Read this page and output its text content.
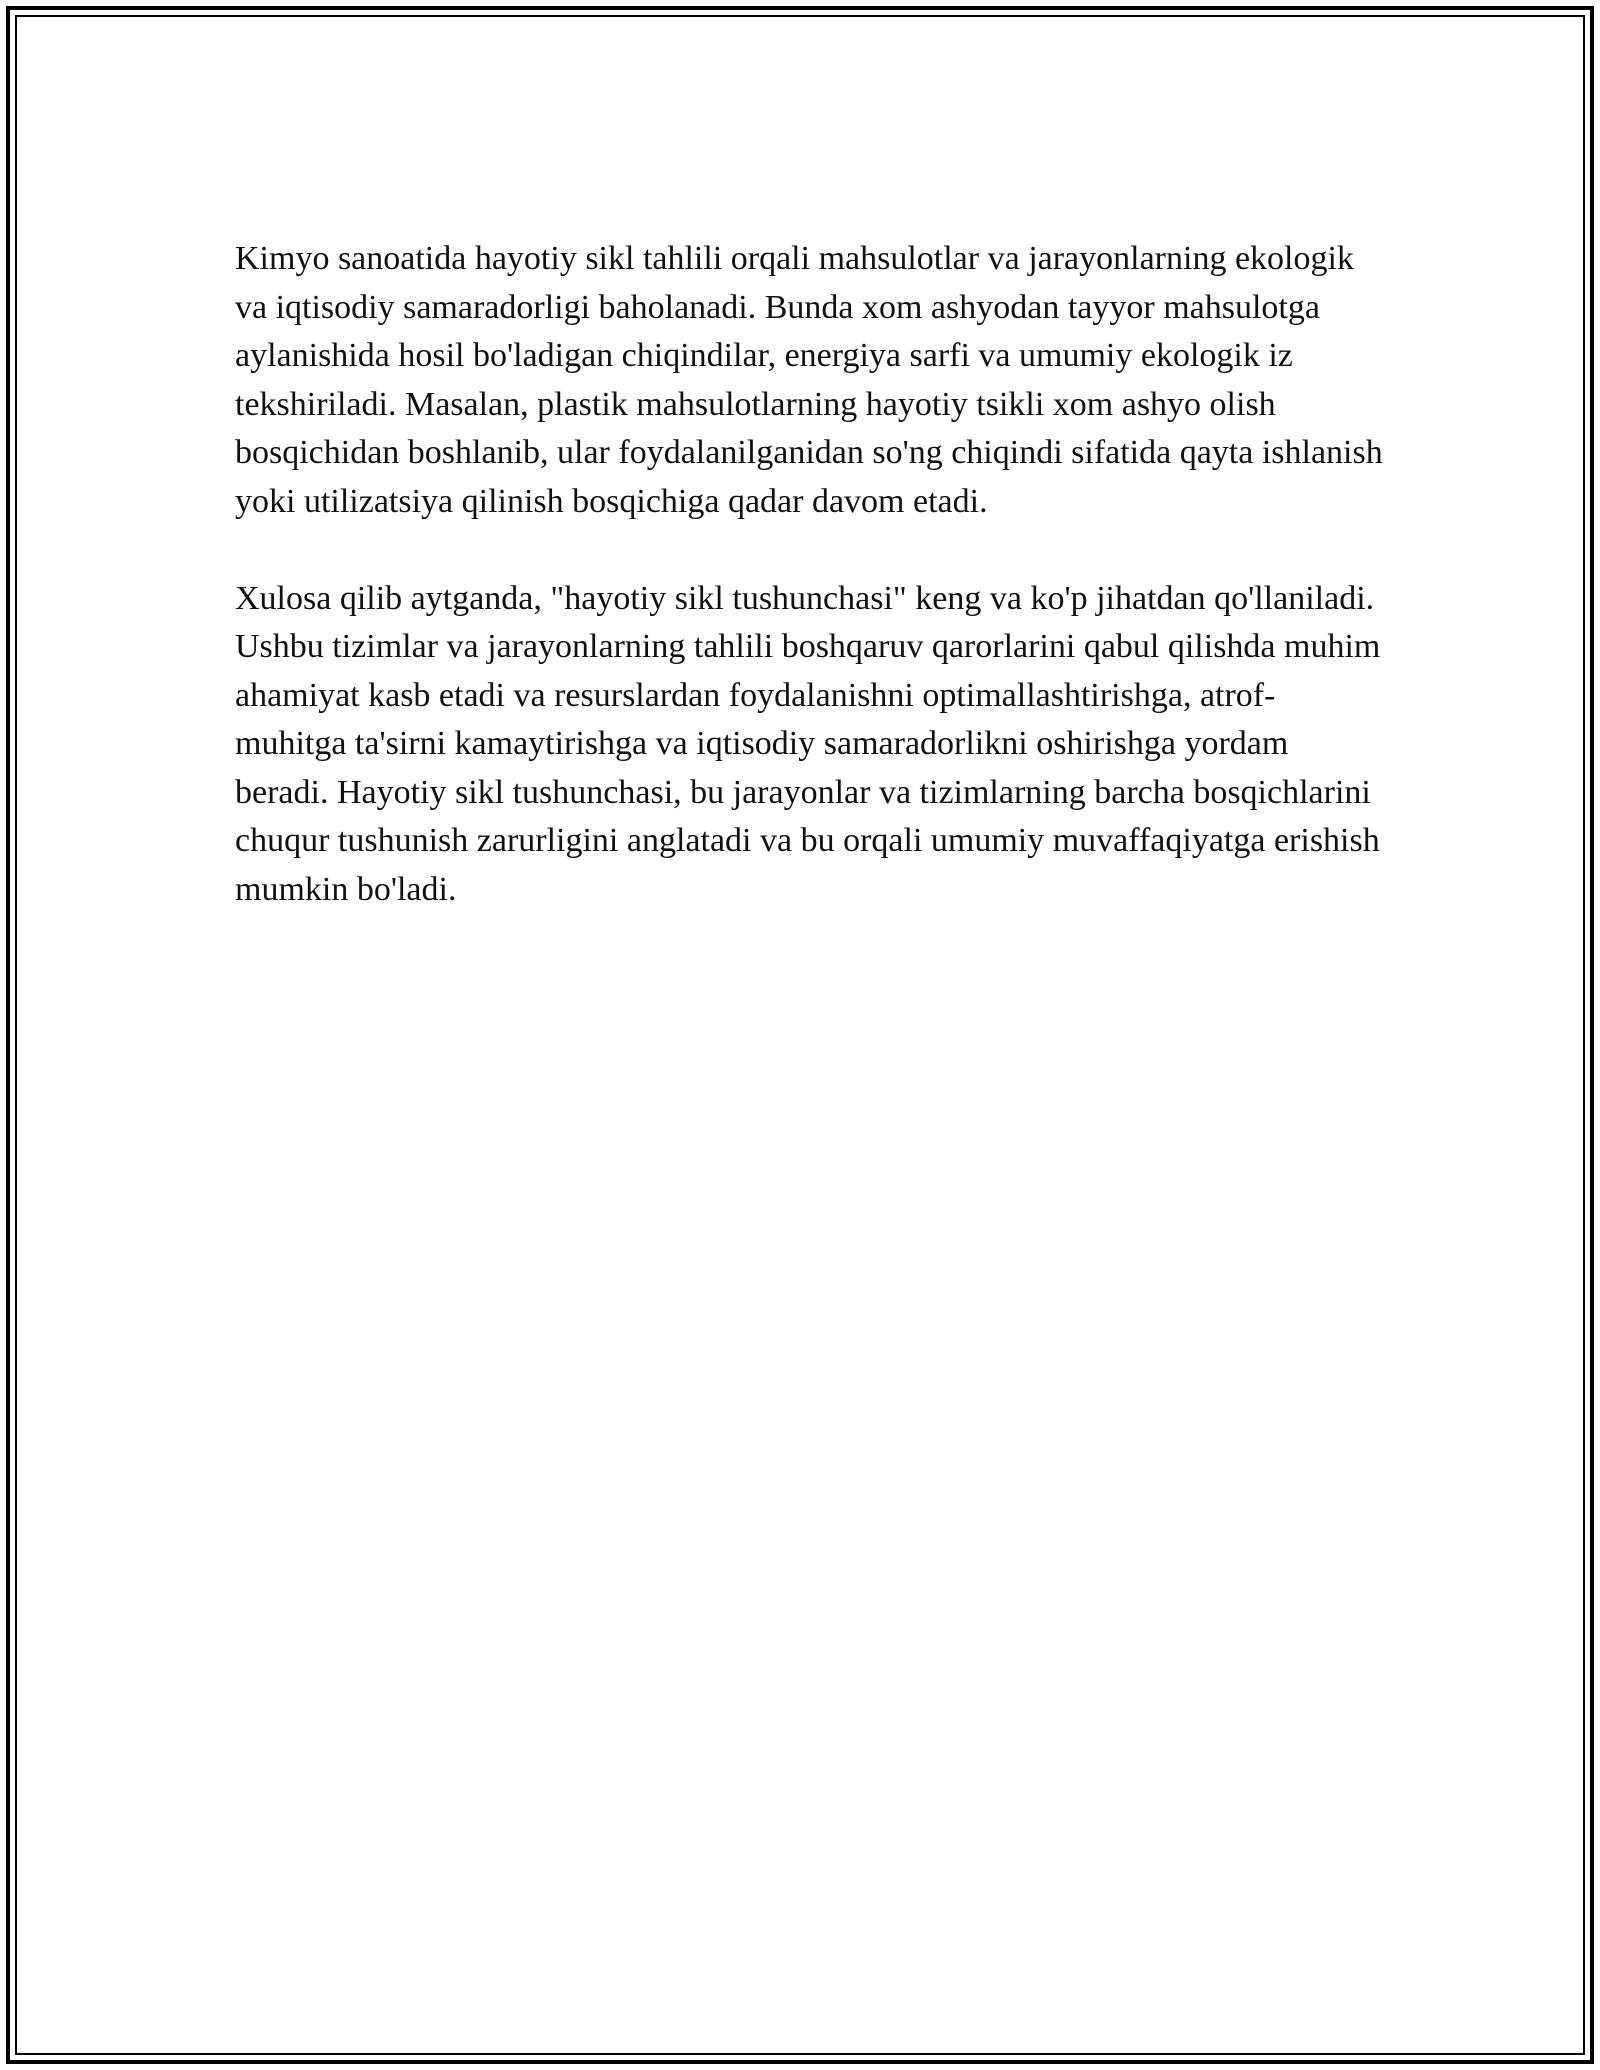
Kimyo sanoatida hayotiy sikl tahlili orqali mahsulotlar va jarayonlarning ekologik va iqtisodiy samaradorligi baholanadi. Bunda xom ashyodan tayyor mahsulotga aylanishida hosil bo'ladigan chiqindilar, energiya sarfi va umumiy ekologik iz tekshiriladi. Masalan, plastik mahsulotlarning hayotiy tsikli xom ashyo olish bosqichidan boshlanib, ular foydalanilganidan so'ng chiqindi sifatida qayta ishlanish yoki utilizatsiya qilinish bosqichiga qadar davom etadi.

Xulosa qilib aytganda, "hayotiy sikl tushunchasi" keng va ko'p jihatdan qo'llaniladi. Ushbu tizimlar va jarayonlarning tahlili boshqaruv qarorlarini qabul qilishda muhim ahamiyat kasb etadi va resurslardan foydalanishni optimallashtirishga, atrof-muhitga ta'sirni kamaytirishga va iqtisodiy samaradorlikni oshirishga yordam beradi. Hayotiy sikl tushunchasi, bu jarayonlar va tizimlarning barcha bosqichlarini chuqur tushunish zarurligini anglatadi va bu orqali umumiy muvaffaqiyatga erishish mumkin bo'ladi.
